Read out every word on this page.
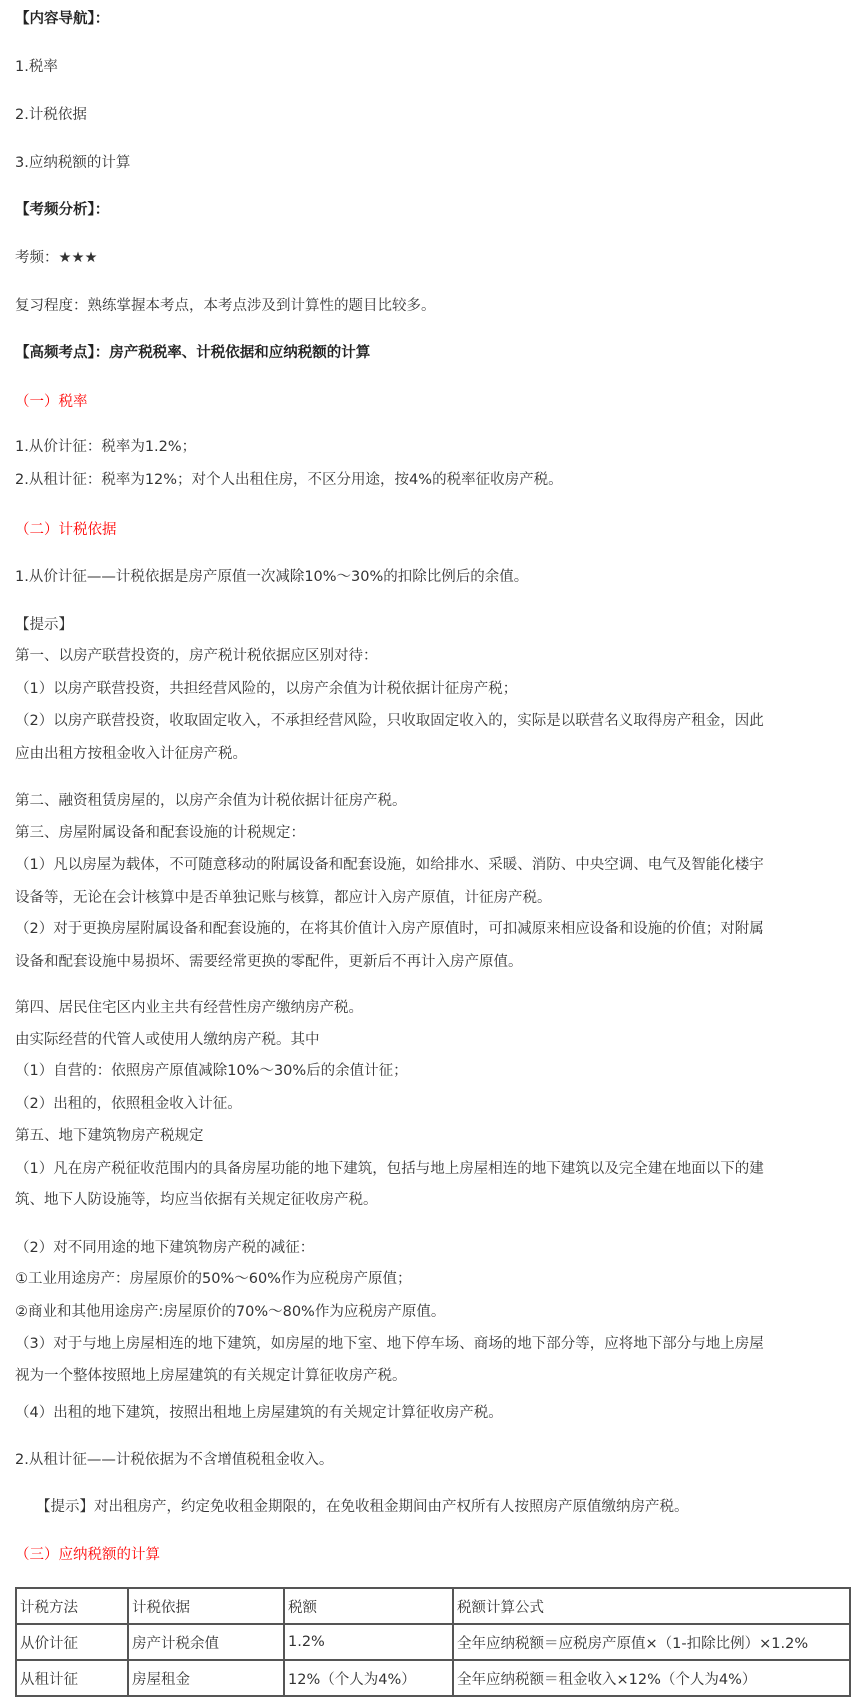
【内容导航】：
1.税率
2.计税依据
3.应纳税额的计算
【考频分析】：
考频：★★★
复习程度：熟练掌握本考点，本考点涉及到计算性的题目比较多。
【高频考点】：房产税税率、计税依据和应纳税额的计算
（一）税率
1.从价计征：税率为1.2%；
2.从租计征：税率为12%；对个人出租住房，不区分用途，按4%的税率征收房产税。
（二）计税依据
1.从价计征——计税依据是房产原值一次减除10%～30%的扣除比例后的余值。
【提示】
第一、以房产联营投资的，房产税计税依据应区别对待：
（1）以房产联营投资，共担经营风险的，以房产余值为计税依据计征房产税；
（2）以房产联营投资，收取固定收入，不承担经营风险，只收取固定收入的，实际是以联营名义取得房产租金，因此
应由出租方按租金收入计征房产税。
第二、融资租赁房屋的，以房产余值为计税依据计征房产税。
第三、房屋附属设备和配套设施的计税规定：
（1）凡以房屋为载体，不可随意移动的附属设备和配套设施，如给排水、采暖、消防、中央空调、电气及智能化楼宇
设备等，无论在会计核算中是否单独记账与核算，都应计入房产原值，计征房产税。
（2）对于更换房屋附属设备和配套设施的，在将其价值计入房产原值时，可扣减原来相应设备和设施的价值；对附属
设备和配套设施中易损坏、需要经常更换的零配件，更新后不再计入房产原值。
第四、居民住宅区内业主共有经营性房产缴纳房产税。
由实际经营的代管人或使用人缴纳房产税。其中
（1）自营的：依照房产原值减除10%～30%后的余值计征；
（2）出租的，依照租金收入计征。
第五、地下建筑物房产税规定
（1）凡在房产税征收范围内的具备房屋功能的地下建筑，包括与地上房屋相连的地下建筑以及完全建在地面以下的建
筑、地下人防设施等，均应当依据有关规定征收房产税。
（2）对不同用途的地下建筑物房产税的减征：
①工业用途房产：房屋原价的50%～60%作为应税房产原值；
②商业和其他用途房产:房屋原价的70%～80%作为应税房产原值。
（3）对于与地上房屋相连的地下建筑，如房屋的地下室、地下停车场、商场的地下部分等，应将地下部分与地上房屋
视为一个整体按照地上房屋建筑的有关规定计算征收房产税。
（4）出租的地下建筑，按照出租地上房屋建筑的有关规定计算征收房产税。
2.从租计征——计税依据为不含增值税租金收入。
【提示】对出租房产，约定免收租金期限的，在免收租金期间由产权所有人按照房产原值缴纳房产税。
（三）应纳税额的计算
计税方法	计税依据	税额	税额计算公式
从价计征	房产计税余值	1.2%	全年应纳税额＝应税房产原值×（1-扣除比例）×1.2%
从租计征	房屋租金	12%（个人为4%）	全年应纳税额＝租金收入×12%（个人为4%）
